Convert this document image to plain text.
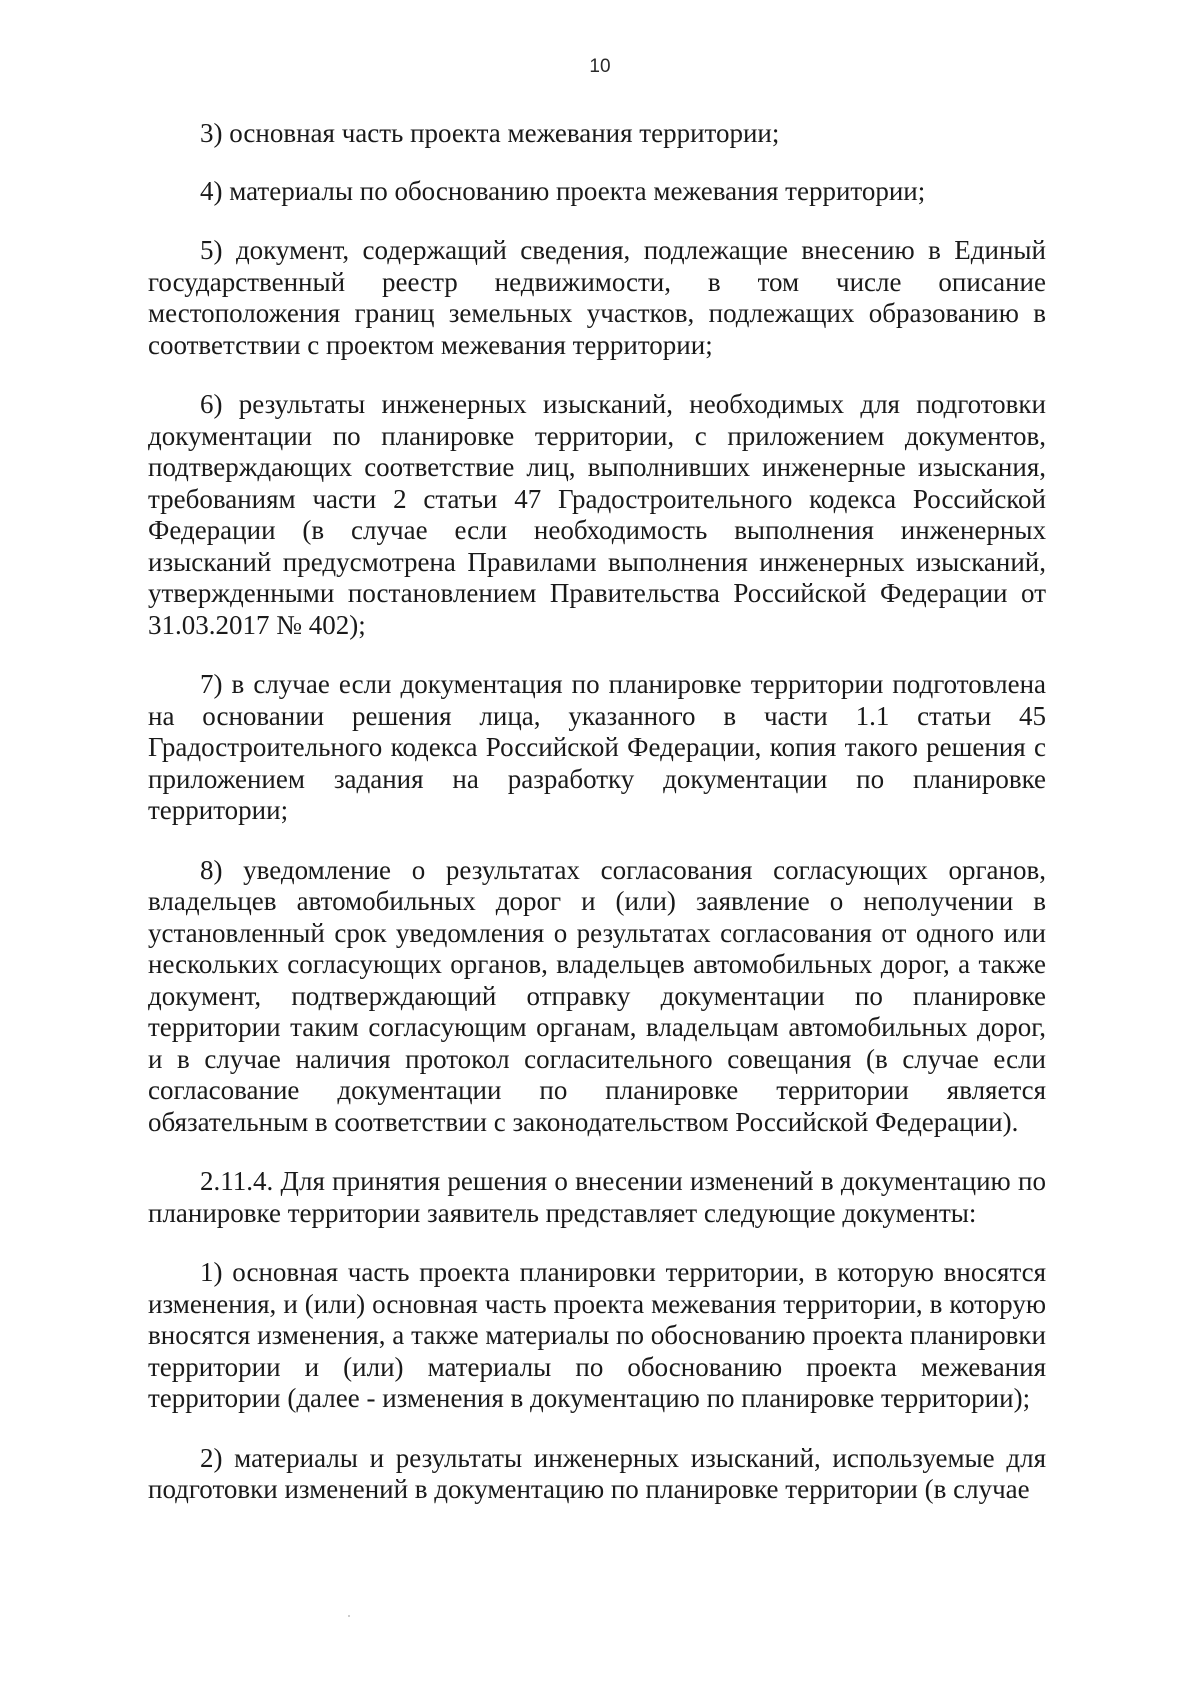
10

3) основная часть проекта межевания территории;

4) материалы по обоснованию проекта межевания территории;

5) документ, содержащий сведения, подлежащие внесению в Единый государственный реестр недвижимости, в том числе описание местоположения границ земельных участков, подлежащих образованию в соответствии с проектом межевания территории;

6) результаты инженерных изысканий, необходимых для подготовки документации по планировке территории, с приложением документов, подтверждающих соответствие лиц, выполнивших инженерные изыскания, требованиям части 2 статьи 47 Градостроительного кодекса Российской Федерации (в случае если необходимость выполнения инженерных изысканий предусмотрена Правилами выполнения инженерных изысканий, утвержденными постановлением Правительства Российской Федерации от 31.03.2017 № 402);

7) в случае если документация по планировке территории подготовлена на основании решения лица, указанного в части 1.1 статьи 45 Градостроительного кодекса Российской Федерации, копия такого решения с приложением задания на разработку документации по планировке территории;

8) уведомление о результатах согласования согласующих органов, владельцев автомобильных дорог и (или) заявление о неполучении в установленный срок уведомления о результатах согласования от одного или нескольких согласующих органов, владельцев автомобильных дорог, а также документ, подтверждающий отправку документации по планировке территории таким согласующим органам, владельцам автомобильных дорог, и в случае наличия протокол согласительного совещания (в случае если согласование документации по планировке территории является обязательным в соответствии с законодательством Российской Федерации).

2.11.4. Для принятия решения о внесении изменений в документацию по планировке территории заявитель представляет следующие документы:

1) основная часть проекта планировки территории, в которую вносятся изменения, и (или) основная часть проекта межевания территории, в которую вносятся изменения, а также материалы по обоснованию проекта планировки территории и (или) материалы по обоснованию проекта межевания территории (далее - изменения в документацию по планировке территории);

2) материалы и результаты инженерных изысканий, используемые для подготовки изменений в документацию по планировке территории (в случае
